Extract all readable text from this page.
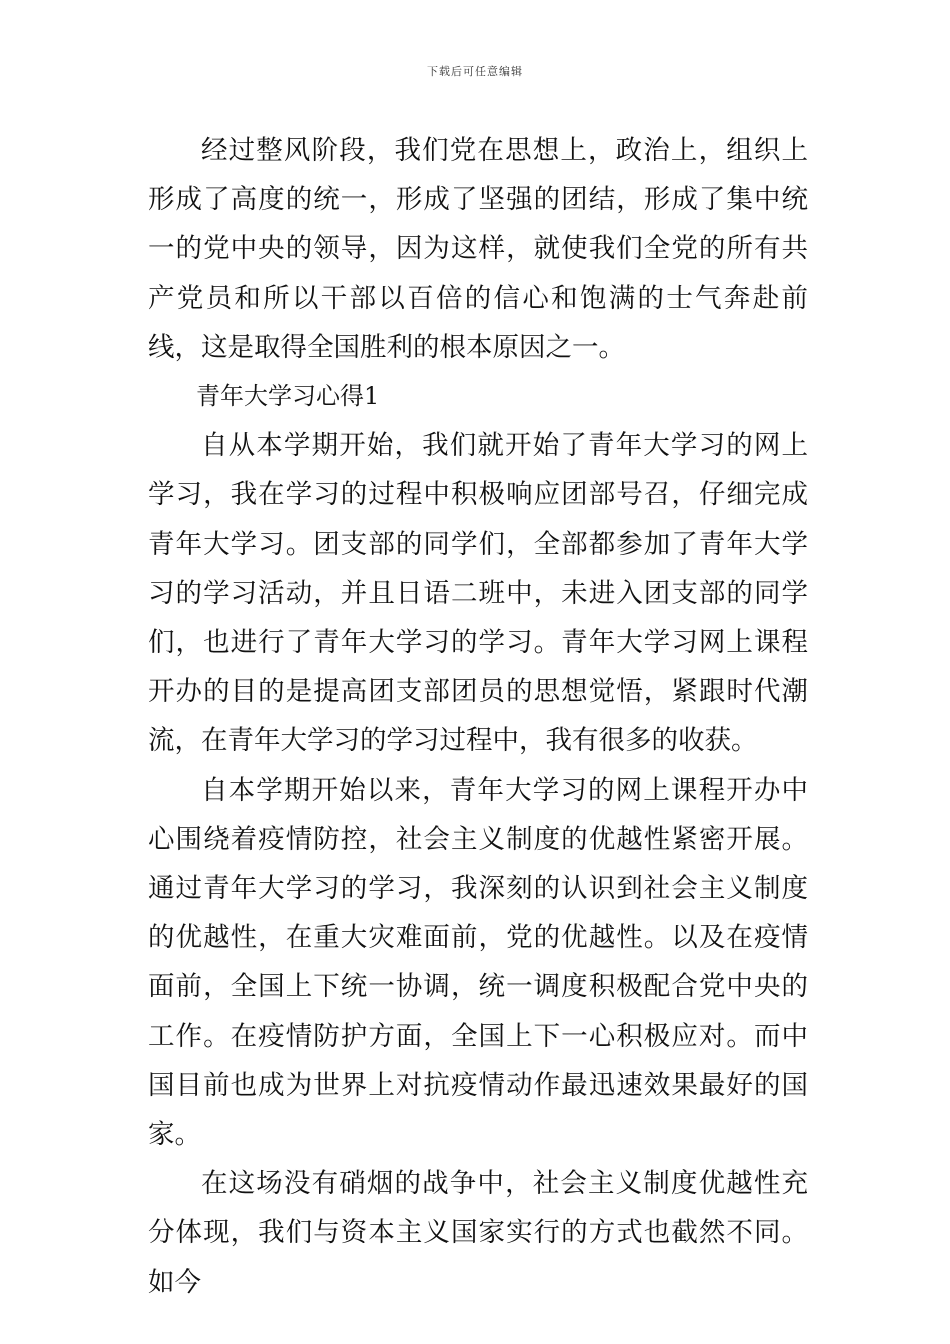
下载后可任意编辑

经过整风阶段，我们党在思想上，政治上，组织上形成了高度的统一，形成了坚强的团结，形成了集中统一的党中央的领导，因为这样，就使我们全党的所有共产党员和所以干部以百倍的信心和饱满的士气奔赴前线，这是取得全国胜利的根本原因之一。

青年大学习心得1

自从本学期开始，我们就开始了青年大学习的网上学习，我在学习的过程中积极响应团部号召，仔细完成青年大学习。团支部的同学们，全部都参加了青年大学习的学习活动，并且日语二班中，未进入团支部的同学们，也进行了青年大学习的学习。青年大学习网上课程开办的目的是提高团支部团员的思想觉悟，紧跟时代潮流，在青年大学习的学习过程中，我有很多的收获。

自本学期开始以来，青年大学习的网上课程开办中心围绕着疫情防控，社会主义制度的优越性紧密开展。通过青年大学习的学习，我深刻的认识到社会主义制度的优越性，在重大灾难面前，党的优越性。以及在疫情面前，全国上下统一协调，统一调度积极配合党中央的工作。在疫情防护方面，全国上下一心积极应对。而中国目前也成为世界上对抗疫情动作最迅速效果最好的国家。

在这场没有硝烟的战争中，社会主义制度优越性充分体现，我们与资本主义国家实行的方式也截然不同。如今
